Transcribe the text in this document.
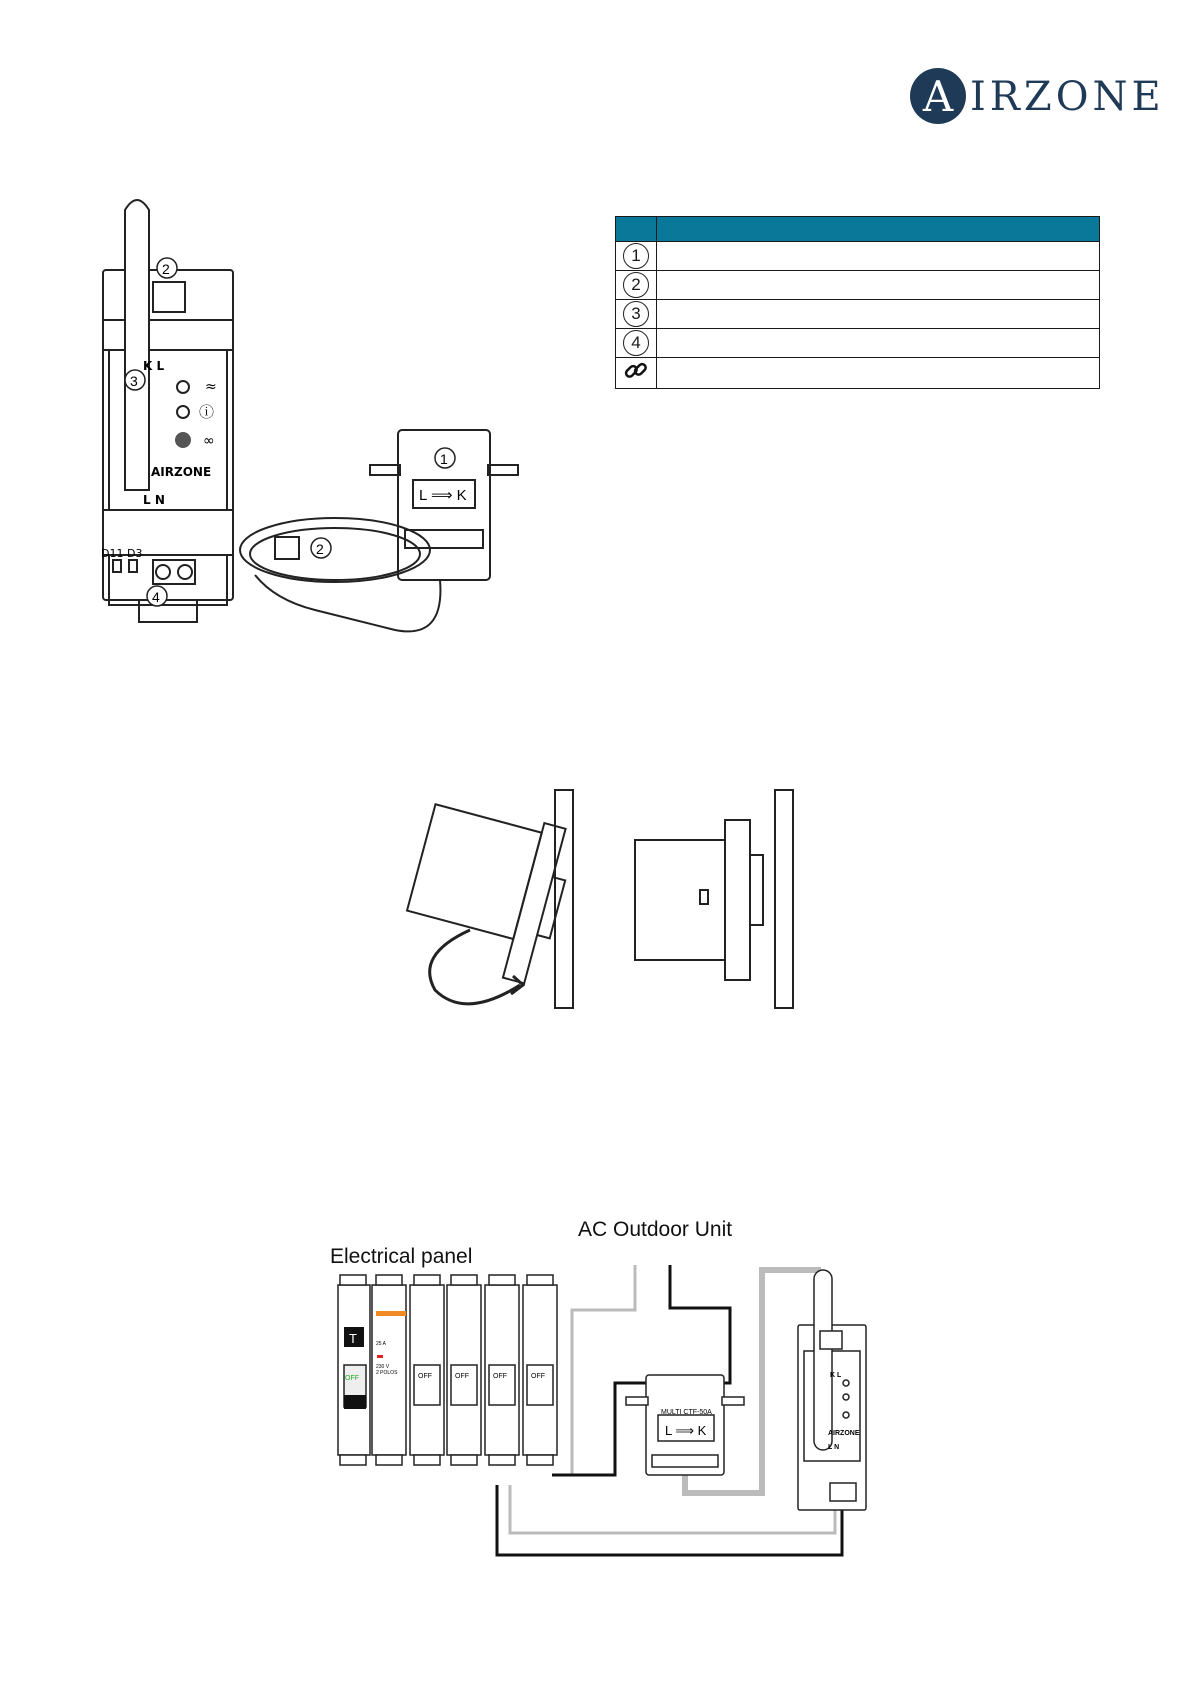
A IRZONE

1	
2	
3	
4	

≈
ⓘ
∞
K L
L N
AIRZONE
D11 D3
2
3
4
L ⟹ K
1
2
Electrical panel
AC Outdoor Unit
T	25 A
230 V
2 POLOS
OFF	OFF	OFF	OFF	OFF
MULTI CTF-50A
L ⟹ K
K L
AIRZONE
L N
